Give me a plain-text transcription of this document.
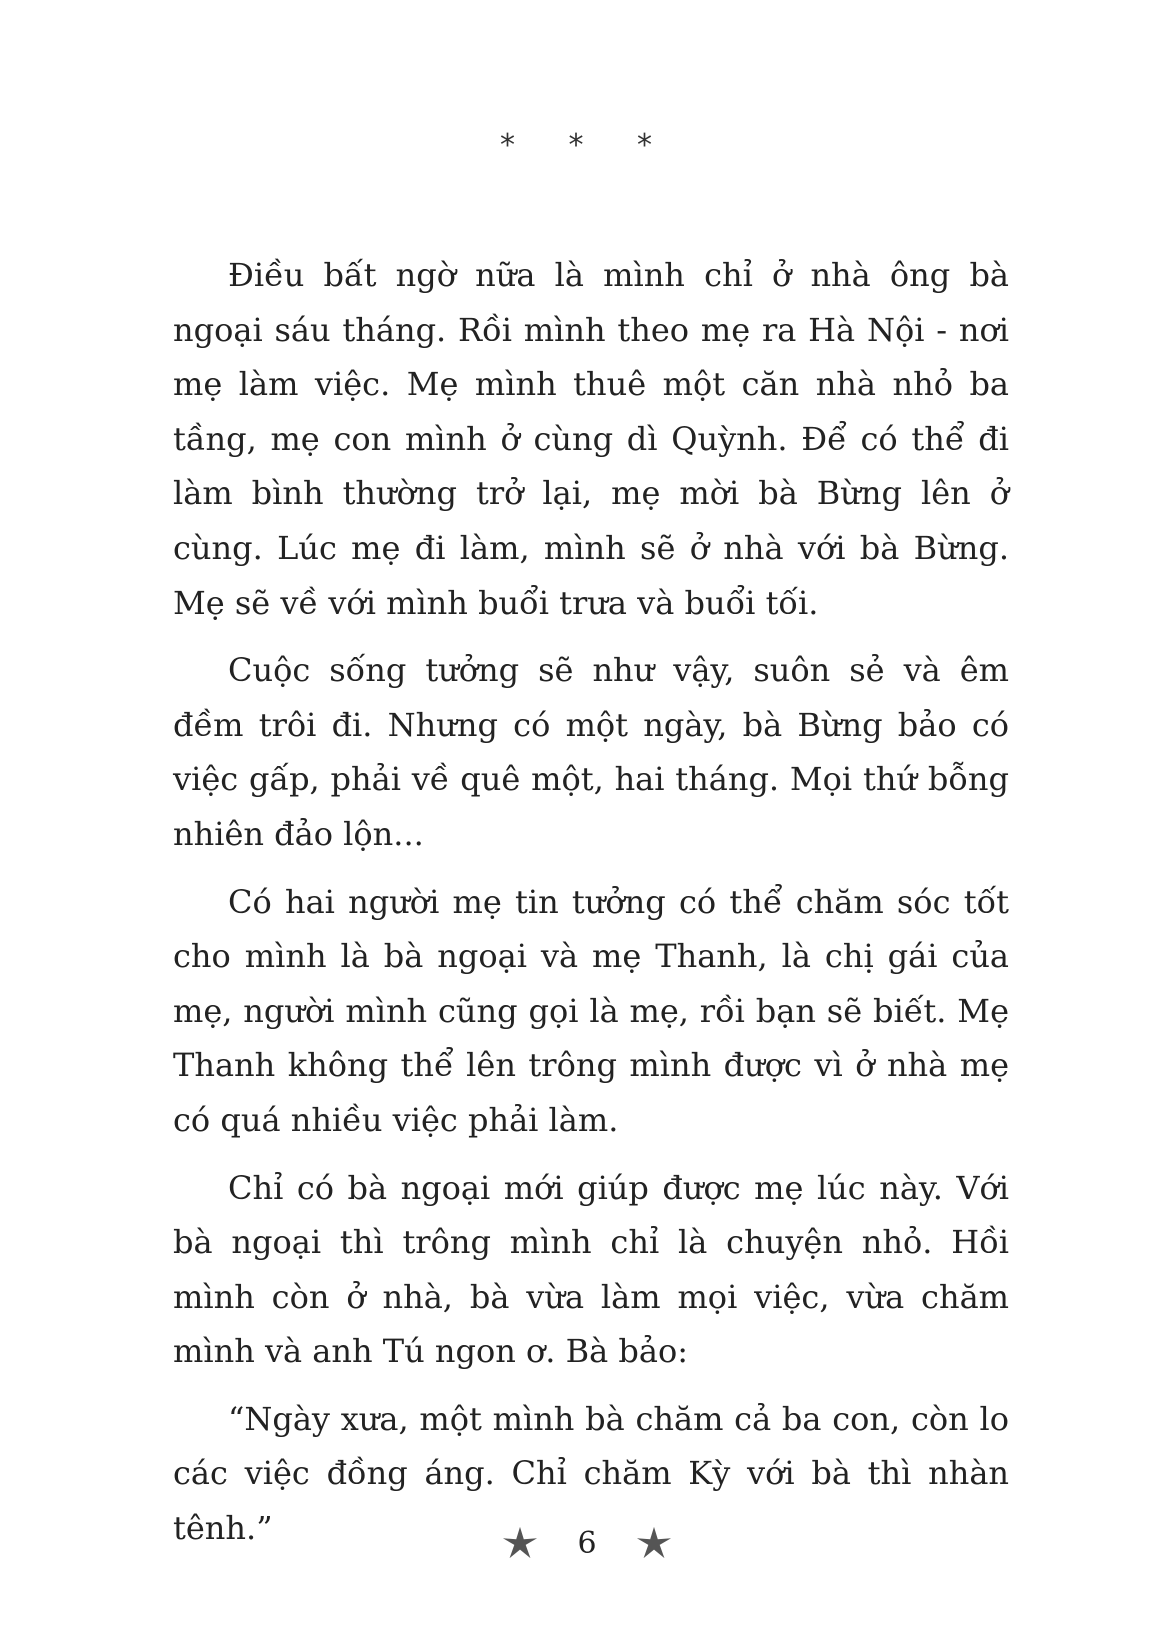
* * *

Điều bất ngờ nữa là mình chỉ ở nhà ông bà ngoại sáu tháng. Rồi mình theo mẹ ra Hà Nội - nơi mẹ làm việc. Mẹ mình thuê một căn nhà nhỏ ba tầng, mẹ con mình ở cùng dì Quỳnh. Để có thể đi làm bình thường trở lại, mẹ mời bà Bừng lên ở cùng. Lúc mẹ đi làm, mình sẽ ở nhà với bà Bừng. Mẹ sẽ về với mình buổi trưa và buổi tối.

Cuộc sống tưởng sẽ như vậy, suôn sẻ và êm đềm trôi đi. Nhưng có một ngày, bà Bừng bảo có việc gấp, phải về quê một, hai tháng. Mọi thứ bỗng nhiên đảo lộn...

Có hai người mẹ tin tưởng có thể chăm sóc tốt cho mình là bà ngoại và mẹ Thanh, là chị gái của mẹ, người mình cũng gọi là mẹ, rồi bạn sẽ biết. Mẹ Thanh không thể lên trông mình được vì ở nhà mẹ có quá nhiều việc phải làm.

Chỉ có bà ngoại mới giúp được mẹ lúc này. Với bà ngoại thì trông mình chỉ là chuyện nhỏ. Hồi mình còn ở nhà, bà vừa làm mọi việc, vừa chăm mình và anh Tú ngon ơ. Bà bảo:

“Ngày xưa, một mình bà chăm cả ba con, còn lo các việc đồng áng. Chỉ chăm Kỳ với bà thì nhàn tênh.”	6
